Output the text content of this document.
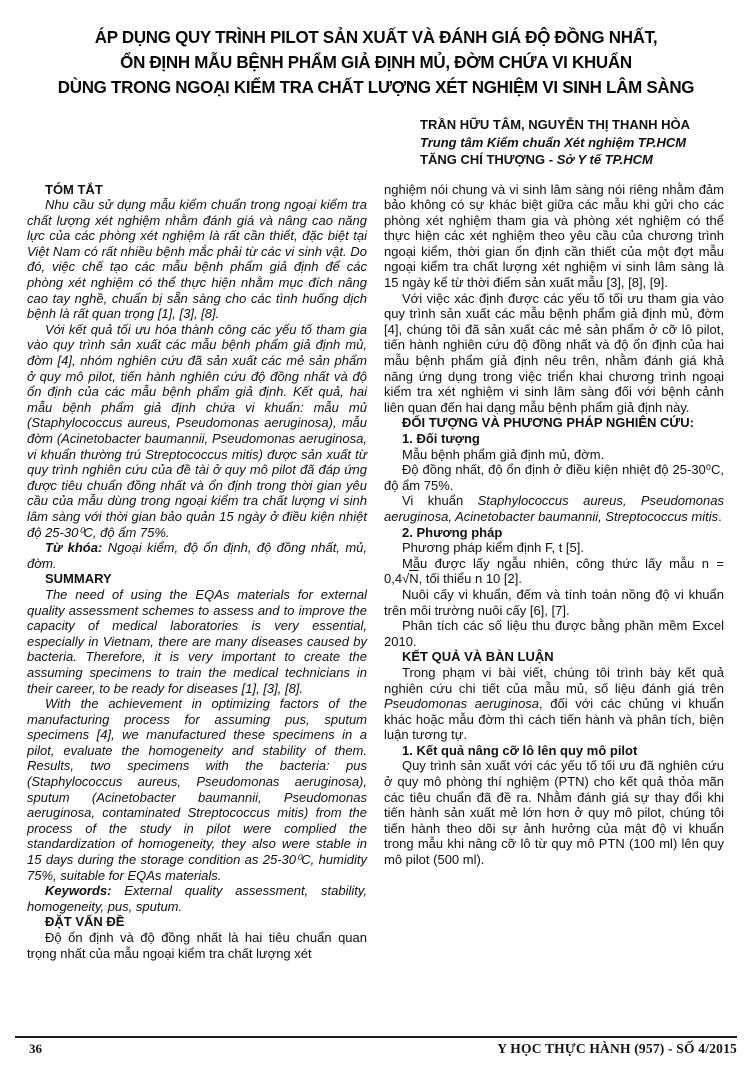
ÁP DỤNG QUY TRÌNH PILOT SẢN XUẤT VÀ ĐÁNH GIÁ ĐỘ ĐỒNG NHẤT,
ỔN ĐỊNH MẪU BỆNH PHẨM GIẢ ĐỊNH MỦ, ĐỜM CHỨA VI KHUẨN
DÙNG TRONG NGOẠI KIỂM TRA CHẤT LƯỢNG XÉT NGHIỆM VI SINH LÂM SÀNG
TRẦN HỮU TÂM, NGUYỄN THỊ THANH HÒA
Trung tâm Kiểm chuẩn Xét nghiệm TP.HCM
TĂNG CHÍ THƯỢNG - Sở Y tế TP.HCM
TÓM TẮT

Nhu cầu sử dụng mẫu kiểm chuẩn trong ngoại kiểm tra chất lượng xét nghiệm nhằm đánh giá và nâng cao năng lực của các phòng xét nghiệm là rất cần thiết, đặc biệt tại Việt Nam có rất nhiều bệnh mắc phải từ các vi sinh vật. Do đó, việc chế tạo các mẫu bệnh phẩm giả định để các phòng xét nghiệm có thể thực hiện nhằm mục đích nâng cao tay nghề, chuẩn bị sẵn sàng cho các tình huống dịch bệnh là rất quan trọng [1], [3], [8].

Với kết quả tối ưu hóa thành công các yếu tố tham gia vào quy trình sản xuất các mẫu bệnh phẩm giả định mủ, đờm [4], nhóm nghiên cứu đã sản xuất các mẻ sản phẩm ở quy mô pilot, tiến hành nghiên cứu độ đồng nhất và độ ổn định của các mẫu bệnh phẩm giả định. Kết quả, hai mẫu bệnh phẩm giả định chứa vi khuẩn: mẫu mủ (Staphylococcus aureus, Pseudomonas aeruginosa), mẫu đờm (Acinetobacter baumannii, Pseudomonas aeruginosa, vi khuẩn thường trú Streptococcus mitis) được sản xuất từ quy trình nghiên cứu của đề tài ở quy mô pilot đã đáp ứng được tiêu chuẩn đồng nhất và ổn định trong thời gian yêu cầu của mẫu dùng trong ngoại kiểm tra chất lượng vi sinh lâm sàng với thời gian bảo quản 15 ngày ở điều kiện nhiệt độ 25-30⁰C, độ ẩm 75%.

Từ khóa: Ngoại kiểm, độ ổn định, độ đồng nhất, mủ, đờm.

SUMMARY

The need of using the EQAs materials for external quality assessment schemes to assess and to improve the capacity of medical laboratories is very essential, especially in Vietnam, there are many diseases caused by bacteria. Therefore, it is very important to create the assuming specimens to train the medical technicians in their career, to be ready for diseases [1], [3], [8].

With the achievement in optimizing factors of the manufacturing process for assuming pus, sputum specimens [4], we manufactured these specimens in a pilot, evaluate the homogeneity and stability of them. Results, two specimens with the bacteria: pus (Staphylococcus aureus, Pseudomonas aeruginosa), sputum (Acinetobacter baumannii, Pseudomonas aeruginosa, contaminated Streptococcus mitis) from the process of the study in pilot were complied the standardization of homogeneity, they also were stable in 15 days during the storage condition as 25-30⁰C, humidity 75%, suitable for EQAs materials.

Keywords: External quality assessment, stability, homogeneity, pus, sputum.

ĐẶT VẤN ĐỀ

Độ ổn định và độ đồng nhất là hai tiêu chuẩn quan trọng nhất của mẫu ngoại kiểm tra chất lượng xét

nghiệm nói chung và vi sinh lâm sàng nói riêng nhằm đảm bảo không có sự khác biệt giữa các mẫu khi gửi cho các phòng xét nghiệm tham gia và phòng xét nghiệm có thể thực hiện các xét nghiệm theo yêu cầu của chương trình ngoại kiểm, thời gian ổn định cần thiết của một đợt mẫu ngoại kiểm tra chất lượng xét nghiệm vi sinh lâm sàng là 15 ngày kể từ thời điểm sản xuất mẫu [3], [8], [9].

Với việc xác định được các yếu tố tối ưu tham gia vào quy trình sản xuất các mẫu bệnh phẩm giả định mủ, đờm [4], chúng tôi đã sản xuất các mẻ sản phẩm ở cỡ lô pilot, tiến hành nghiên cứu độ đồng nhất và độ ổn định của hai mẫu bệnh phẩm giả định nêu trên, nhằm đánh giá khả năng ứng dụng trong việc triển khai chương trình ngoại kiểm tra xét nghiệm vi sinh lâm sàng đối với bệnh cảnh liên quan đến hai dạng mẫu bệnh phẩm giả định này.

ĐỐI TƯỢNG VÀ PHƯƠNG PHÁP NGHIÊN CỨU:
1. Đối tượng

Mẫu bệnh phẩm giả định mủ, đờm.

Độ đồng nhất, độ ổn định ở điều kiện nhiệt độ 25-30⁰C, độ ẩm 75%.

Vi khuẩn Staphylococcus aureus, Pseudomonas aeruginosa, Acinetobacter baumannii, Streptococcus mitis.

2. Phương pháp

Phương pháp kiểm định F, t [5].

Mẫu được lấy ngẫu nhiên, công thức lấy mẫu n = 0,4√N, tối thiểu n 10 [2].

Nuôi cấy vi khuẩn, đếm và tính toán nồng độ vi khuẩn trên môi trường nuôi cấy [6], [7].

Phân tích các số liệu thu được bằng phần mềm Excel 2010.

KẾT QUẢ VÀ BÀN LUẬN

Trong phạm vi bài viết, chúng tôi trình bày kết quả nghiên cứu chi tiết của mẫu mủ, số liệu đánh giá trên Pseudomonas aeruginosa, đối với các chủng vi khuẩn khác hoặc mẫu đờm thì cách tiến hành và phân tích, biện luận tương tự.

1. Kết quả nâng cỡ lô lên quy mô pilot

Quy trình sản xuất với các yếu tố tối ưu đã nghiên cứu ở quy mô phòng thí nghiệm (PTN) cho kết quả thỏa mãn các tiêu chuẩn đã đề ra. Nhằm đánh giá sự thay đổi khi tiến hành sản xuất mẻ lớn hơn ở quy mô pilot, chúng tôi tiến hành theo dõi sự ảnh hưởng của mật độ vi khuẩn trong mẫu khi nâng cỡ lô từ quy mô PTN (100 ml) lên quy mô pilot (500 ml).

36	Y HỌC THỰC HÀNH (957) - SỐ 4/2015
